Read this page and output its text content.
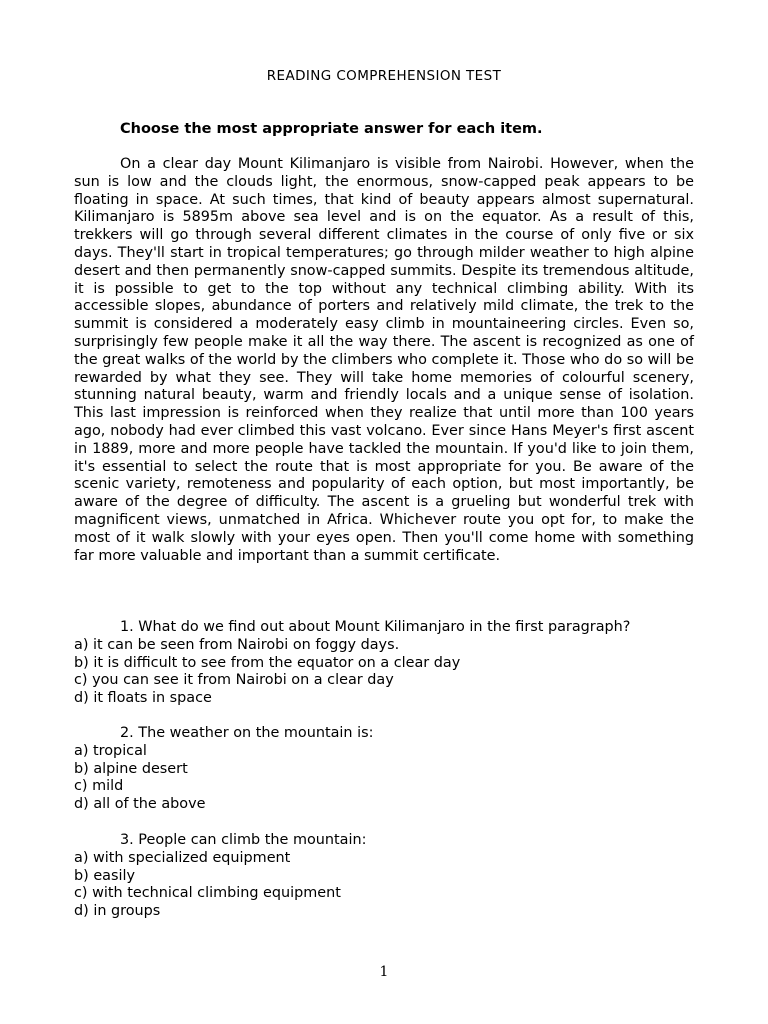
READING COMPREHENSION TEST
Choose the most appropriate answer for each item.

On a clear day Mount Kilimanjaro is visible from Nairobi. However, when the sun is low and the clouds light, the enormous, snow-capped peak appears to be floating in space. At such times, that kind of beauty appears almost supernatural. Kilimanjaro is 5895m above sea level and is on the equator. As a result of this, trekkers will go through several different climates in the course of only five or six days. They'll start in tropical temperatures; go through milder weather to high alpine desert and then permanently snow-capped summits. Despite its tremendous altitude, it is possible to get to the top without any technical climbing ability. With its accessible slopes, abundance of porters and relatively mild climate, the trek to the summit is considered a moderately easy climb in mountaineering circles. Even so, surprisingly few people make it all the way there. The ascent is recognized as one of the great walks of the world by the climbers who complete it. Those who do so will be rewarded by what they see. They will take home memories of colourful scenery, stunning natural beauty, warm and friendly locals and a unique sense of isolation. This last impression is reinforced when they realize that until more than 100 years ago, nobody had ever climbed this vast volcano. Ever since Hans Meyer's first ascent in 1889, more and more people have tackled the mountain. If you'd like to join them, it's essential to select the route that is most appropriate for you. Be aware of the scenic variety, remoteness and popularity of each option, but most importantly, be aware of the degree of difficulty. The ascent is a grueling but wonderful trek with magnificent views, unmatched in Africa. Whichever route you opt for, to make the most of it walk slowly with your eyes open. Then you'll come home with something far more valuable and important than a summit certificate.

1. What do we find out about Mount Kilimanjaro in the first paragraph?

a) it can be seen from Nairobi on foggy days.

b) it is difficult to see from the equator on a clear day

c) you can see it from Nairobi on a clear day

d) it floats in space

2. The weather on the mountain is:

a) tropical

b) alpine desert

c) mild

d) all of the above

3. People can climb the mountain:

a) with specialized equipment

b) easily

c) with technical climbing equipment

d) in groups

1
